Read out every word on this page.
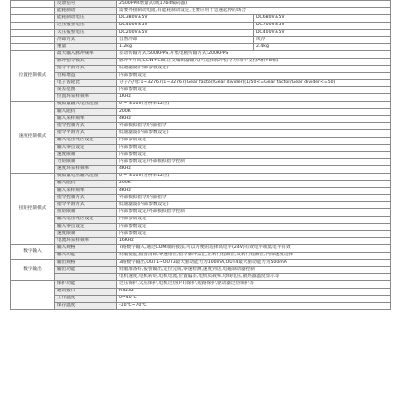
	反馈信号	2500PPR增量式(或17bit编码器)	
	能耗制动	需要外接制动电阻,有能耗制动设定,主要应用于急速起停的场合	
	能耗制动电压	DC380V±5V	DC680V±5V
	过压报警电压	DC400V±5V	DC700V±5V
	欠压报警电压	DC200V±5V	DC400V±5V
	冷却方式	自然冷却	风冷
	重量	1.2kg	2.4kg
位置控制模式	最大输入脉冲频率	差动传输方式:500KPPS,开集电极传输方式:200KPPS	
	脉冲指令模式	脉冲+方向,CCW+CW,正交编码器输入(可选择脉冲指令方向/不支持A相+B相)	
	指令平滑方式	低通滤波(内部参数设定)	
	目标增益	内部参数设定	
	电子齿轮比	分子/分母:1~32767/1~32767(Gear factor/Gear divider)(1/50<=Gear factor/Gear divider<=50)	
	误差范围	内部参数设定	
	位置环采样频率	1KHz	
速度控制模式	模拟量输入电压范围	0 ~ ±10V(分辨率12位)	
	输入阻抗	200K	
	输入采样频率	4KHz	
	指令控制方式	外部模拟指令/内部指令	
	指令平滑方式	低通滤波(内部参数设定)	
	输入电压死区设定	内部参数设定	
	输入零点设定	内部参数设定	
	速度限制	内部参数设定	
	力矩限制	内部参数设定/外部模拟指令控制	
	速度环采样频率	4KHz	
扭矩控制模式	模拟量电压输入范围	0 ~ ±10V(分辨率12位)	
	输入阻抗	200K	
	输入采样频率	4KHz	
	指令控制方式	外部模拟指令/内部指令	
	指令平滑方式	低通滤波(内部参数设定)	
	扭矩限制	内部参数设定/外部模拟指令控制	
	输入电压死区设定	内部参数设定	
	输入零点设定	内部参数设定	
	速度限制	内部参数设定	
	电流环采样频率	16KHz	
数字输入	输入规格	7路数字输入,通过COM端的接法,可以方便的选择高电平(24V)有效电平或低电平有效	
	输入功能	伺服使能,报警清除,零速钳位,指令脉冲禁止,正转行程限位,反转行程限位,内部速度选择	
数字输出	输出规格	3路数字输出,OUT1~OUT3最大驱动能力为100mA,OUT4最大驱动能力为500mA	
	输出功能	伺服准备好,报警输出,定位完成,零速检测,速度到达,电磁制动器控制	
		电机速度,电机转矩,电机电流,位置偏差,电机负载率,母线电压,散热器温度显示等	
	保护功能	过压保护,欠压保护,电机过热(I²T)保护,短路保护,驱动器过热保护等	
	通讯接口	RS232	
	工作温度	0~40℃	
	保存温度	-10℃~70℃	
